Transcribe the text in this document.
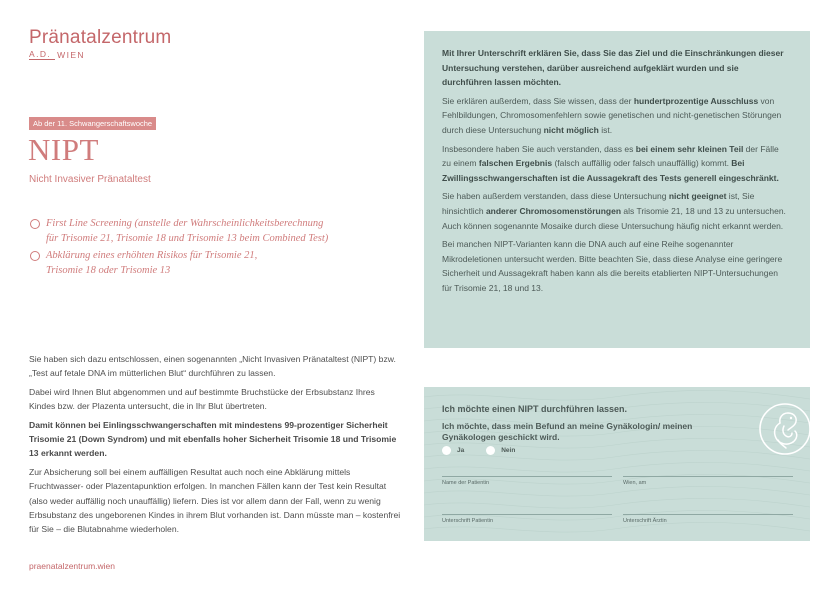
Pränatalzentrum
A.D. WIEN
Ab der 11. Schwangerschaftswoche
NIPT
Nicht Invasiver Pränataltest
First Line Screening (anstelle der Wahrscheinlichkeitsberechnung
für Trisomie 21, Trisomie 18 und Trisomie 13 beim Combined Test)
Abklärung eines erhöhten Risikos für Trisomie 21,
Trisomie 18 oder Trisomie 13

Sie haben sich dazu entschlossen, einen sogenannten „Nicht Invasiven Pränataltest (NIPT) bzw. „Test auf fetale DNA im mütterlichen Blut“ durchführen zu lassen.

Dabei wird Ihnen Blut abgenommen und auf bestimmte Bruchstücke der Erbsubstanz Ihres Kindes bzw. der Plazenta untersucht, die in Ihr Blut übertreten.

Damit können bei Einlingsschwangerschaften mit mindestens 99-prozentiger Sicherheit Trisomie 21 (Down Syndrom) und mit ebenfalls hoher Sicherheit Trisomie 18 und Trisomie 13 erkannt werden.

Zur Absicherung soll bei einem auffälligen Resultat auch noch eine Abklärung mittels Fruchtwasser- oder Plazentapunktion erfolgen. In manchen Fällen kann der Test kein Resultat (also weder auffällig noch unauffällig) liefern. Dies ist vor allem dann der Fall, wenn zu wenig Erbsubstanz des ungeborenen Kindes in ihrem Blut vorhanden ist. Dann müsste man – kostenfrei für Sie – die Blutabnahme wiederholen.

praenatalzentrum.wien

Mit Ihrer Unterschrift erklären Sie, dass Sie das Ziel und die Einschränkungen dieser Untersuchung verstehen, darüber ausreichend aufgeklärt wurden und sie durchführen lassen möchten.

Sie erklären außerdem, dass Sie wissen, dass der hundertprozentige Ausschluss von Fehlbildungen, Chromosomenfehlern sowie genetischen und nicht-genetischen Störungen durch diese Untersuchung nicht möglich ist.

Insbesondere haben Sie auch verstanden, dass es bei einem sehr kleinen Teil der Fälle zu einem falschen Ergebnis (falsch auffällig oder falsch unauffällig) kommt. Bei Zwillingsschwangerschaften ist die Aussagekraft des Tests generell eingeschränkt.

Sie haben außerdem verstanden, dass diese Untersuchung nicht geeignet ist, Sie hinsichtlich anderer Chromosomenstörungen als Trisomie 21, 18 und 13 zu untersuchen. Auch können sogenannte Mosaike durch diese Untersuchung häufig nicht erkannt werden.

Bei manchen NIPT-Varianten kann die DNA auch auf eine Reihe sogenannter Mikrodeletionen untersucht werden. Bitte beachten Sie, dass diese Analyse eine geringere Sicherheit und Aussagekraft haben kann als die bereits etablierten NIPT-Untersuchungen für Trisomie 21, 18 und 13.

Ich möchte einen NIPT durchführen lassen.
Ich möchte, dass mein Befund an meine Gynäkologin/ meinen Gynäkologen geschickt wird.
Ja	Nein
Name der Patientin	Wien, am
Unterschrift Patientin	Unterschrift Ärztin
